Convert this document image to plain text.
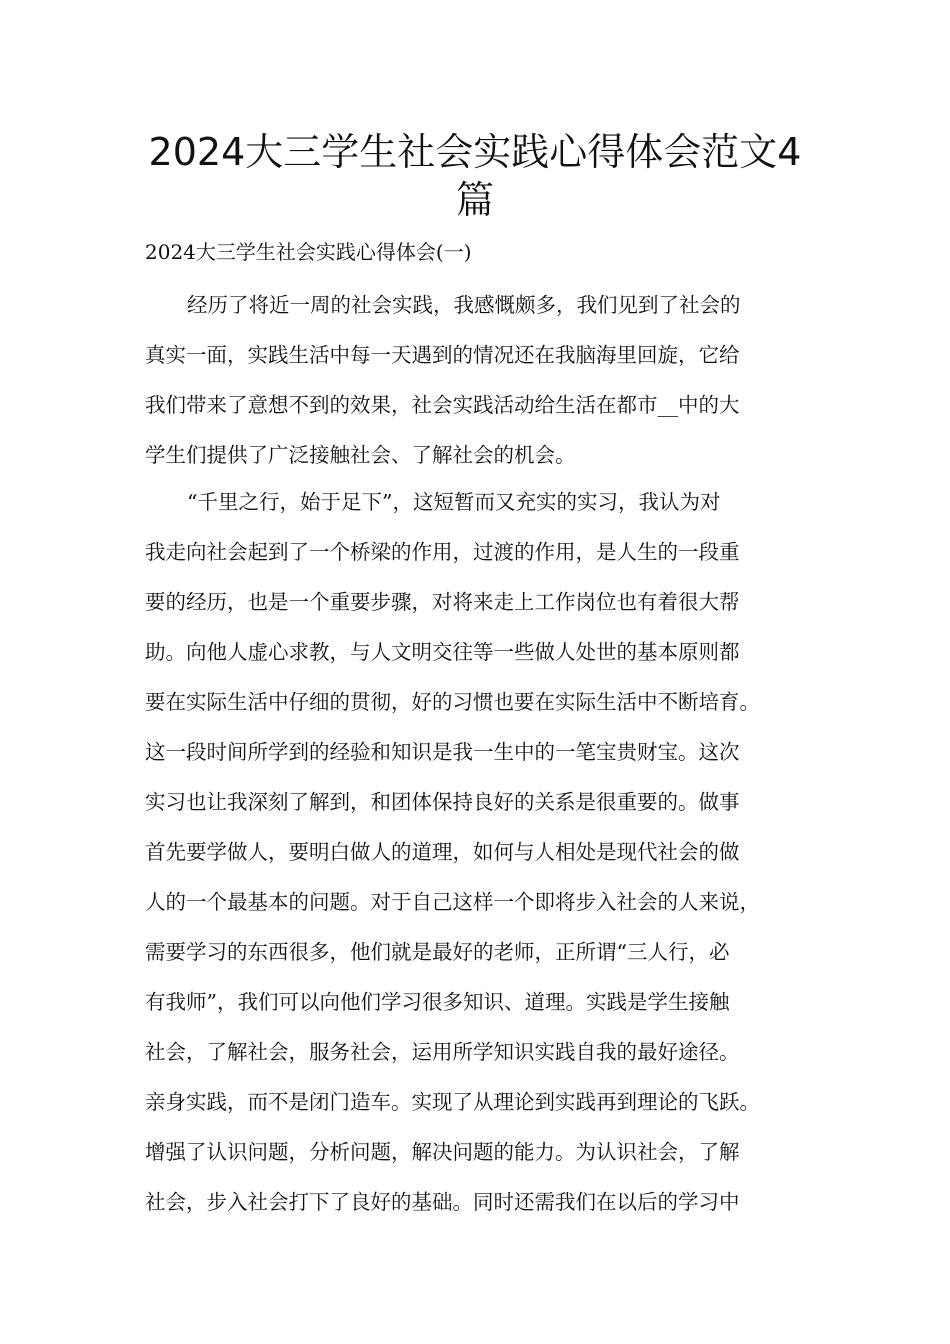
2024大三学生社会实践心得体会范文4
篇

2024大三学生社会实践心得体会(一)

经历了将近一周的社会实践，我感慨颇多，我们见到了社会的
真实一面，实践生活中每一天遇到的情况还在我脑海里回旋，它给
我们带来了意想不到的效果，社会实践活动给生活在都市__中的大
学生们提供了广泛接触社会、了解社会的机会。
“千里之行，始于足下”，这短暂而又充实的实习，我认为对
我走向社会起到了一个桥梁的作用，过渡的作用，是人生的一段重
要的经历，也是一个重要步骤，对将来走上工作岗位也有着很大帮
助。向他人虚心求教，与人文明交往等一些做人处世的基本原则都
要在实际生活中仔细的贯彻，好的习惯也要在实际生活中不断培育。
这一段时间所学到的经验和知识是我一生中的一笔宝贵财宝。这次
实习也让我深刻了解到，和团体保持良好的关系是很重要的。做事
首先要学做人，要明白做人的道理，如何与人相处是现代社会的做
人的一个最基本的问题。对于自己这样一个即将步入社会的人来说，
需要学习的东西很多，他们就是最好的老师，正所谓“三人行，必
有我师”，我们可以向他们学习很多知识、道理。实践是学生接触
社会，了解社会，服务社会，运用所学知识实践自我的最好途径。
亲身实践，而不是闭门造车。实现了从理论到实践再到理论的飞跃。
增强了认识问题，分析问题，解决问题的能力。为认识社会，了解
社会，步入社会打下了良好的基础。同时还需我们在以后的学习中
